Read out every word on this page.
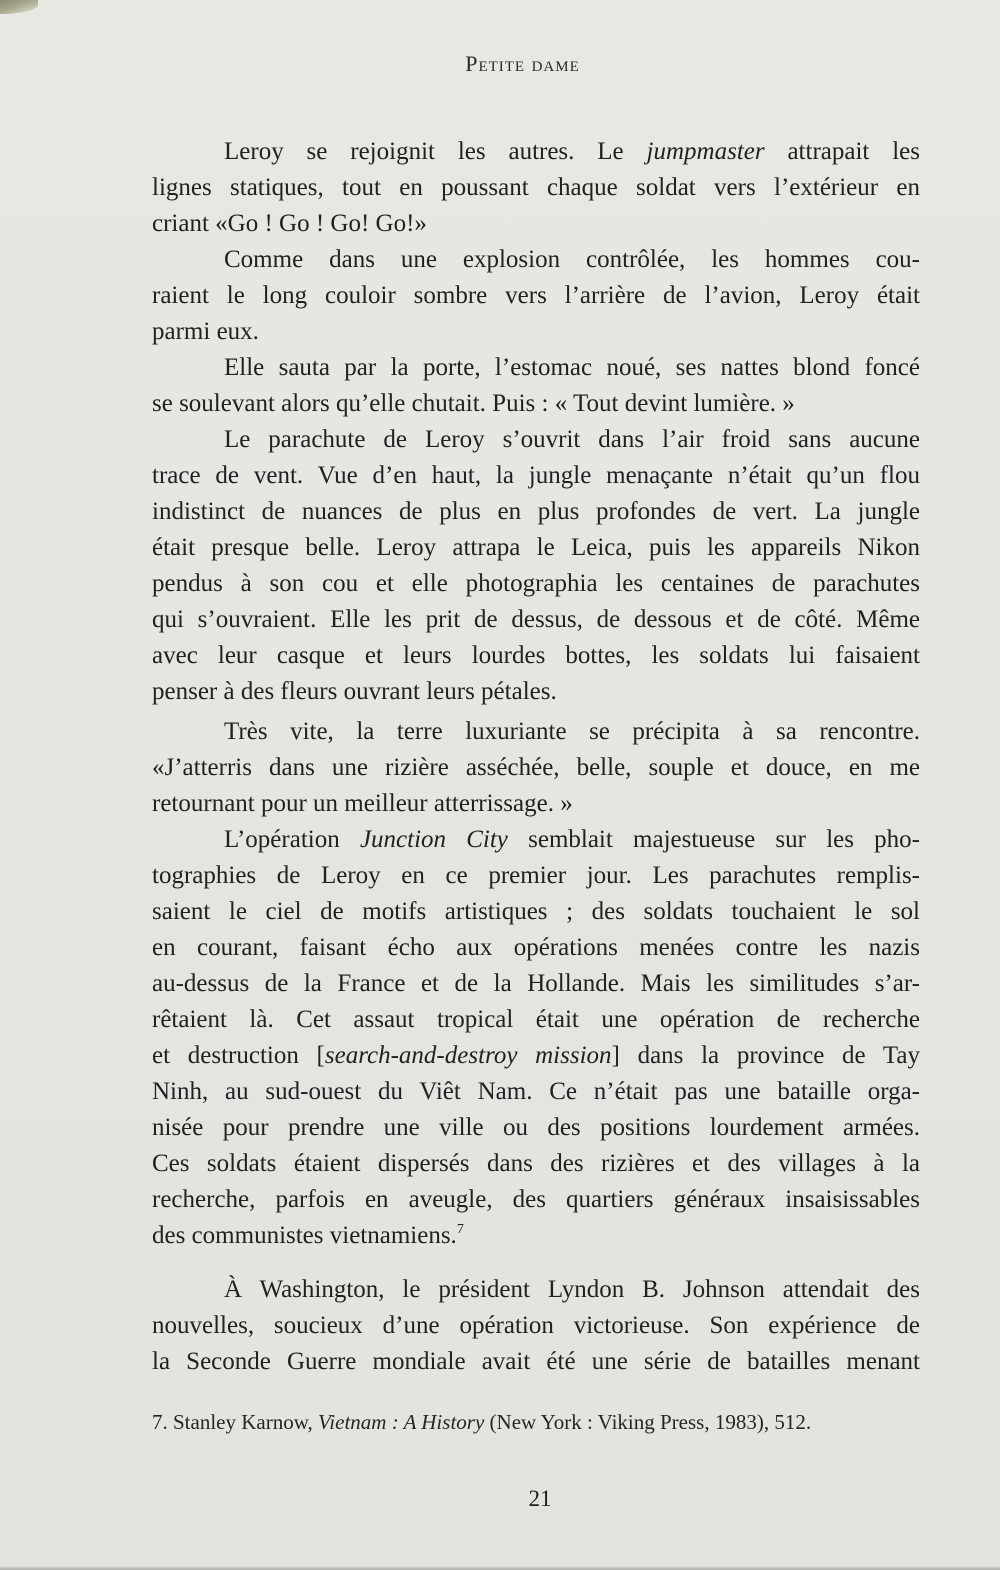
Petite dame
Leroy se rejoignit les autres. Le jumpmaster attrapait les
lignes statiques, tout en poussant chaque soldat vers l’extérieur en
criant «Go ! Go ! Go! Go!»
Comme dans une explosion contrôlée, les hommes cou-
raient le long couloir sombre vers l’arrière de l’avion, Leroy était
parmi eux.
Elle sauta par la porte, l’estomac noué, ses nattes blond foncé
se soulevant alors qu’elle chutait. Puis : « Tout devint lumière. »
Le parachute de Leroy s’ouvrit dans l’air froid sans aucune
trace de vent. Vue d’en haut, la jungle menaçante n’était qu’un flou
indistinct de nuances de plus en plus profondes de vert. La jungle
était presque belle. Leroy attrapa le Leica, puis les appareils Nikon
pendus à son cou et elle photographia les centaines de parachutes
qui s’ouvraient. Elle les prit de dessus, de dessous et de côté. Même
avec leur casque et leurs lourdes bottes, les soldats lui faisaient
penser à des fleurs ouvrant leurs pétales.
Très vite, la terre luxuriante se précipita à sa rencontre.
«J’atterris dans une rizière asséchée, belle, souple et douce, en me
retournant pour un meilleur atterrissage. »
L’opération Junction City semblait majestueuse sur les pho-
tographies de Leroy en ce premier jour. Les parachutes remplis-
saient le ciel de motifs artistiques ; des soldats touchaient le sol
en courant, faisant écho aux opérations menées contre les nazis
au-dessus de la France et de la Hollande. Mais les similitudes s’ar-
rêtaient là. Cet assaut tropical était une opération de recherche
et destruction [search-and-destroy mission] dans la province de Tay
Ninh, au sud-ouest du Viêt Nam. Ce n’était pas une bataille orga-
nisée pour prendre une ville ou des positions lourdement armées.
Ces soldats étaient dispersés dans des rizières et des villages à la
recherche, parfois en aveugle, des quartiers généraux insaisissables
des communistes vietnamiens.$^7$
À Washington, le président Lyndon B. Johnson attendait des
nouvelles, soucieux d’une opération victorieuse. Son expérience de
la Seconde Guerre mondiale avait été une série de batailles menant
7. Stanley Karnow, Vietnam : A History (New York : Viking Press, 1983), 512.
21
